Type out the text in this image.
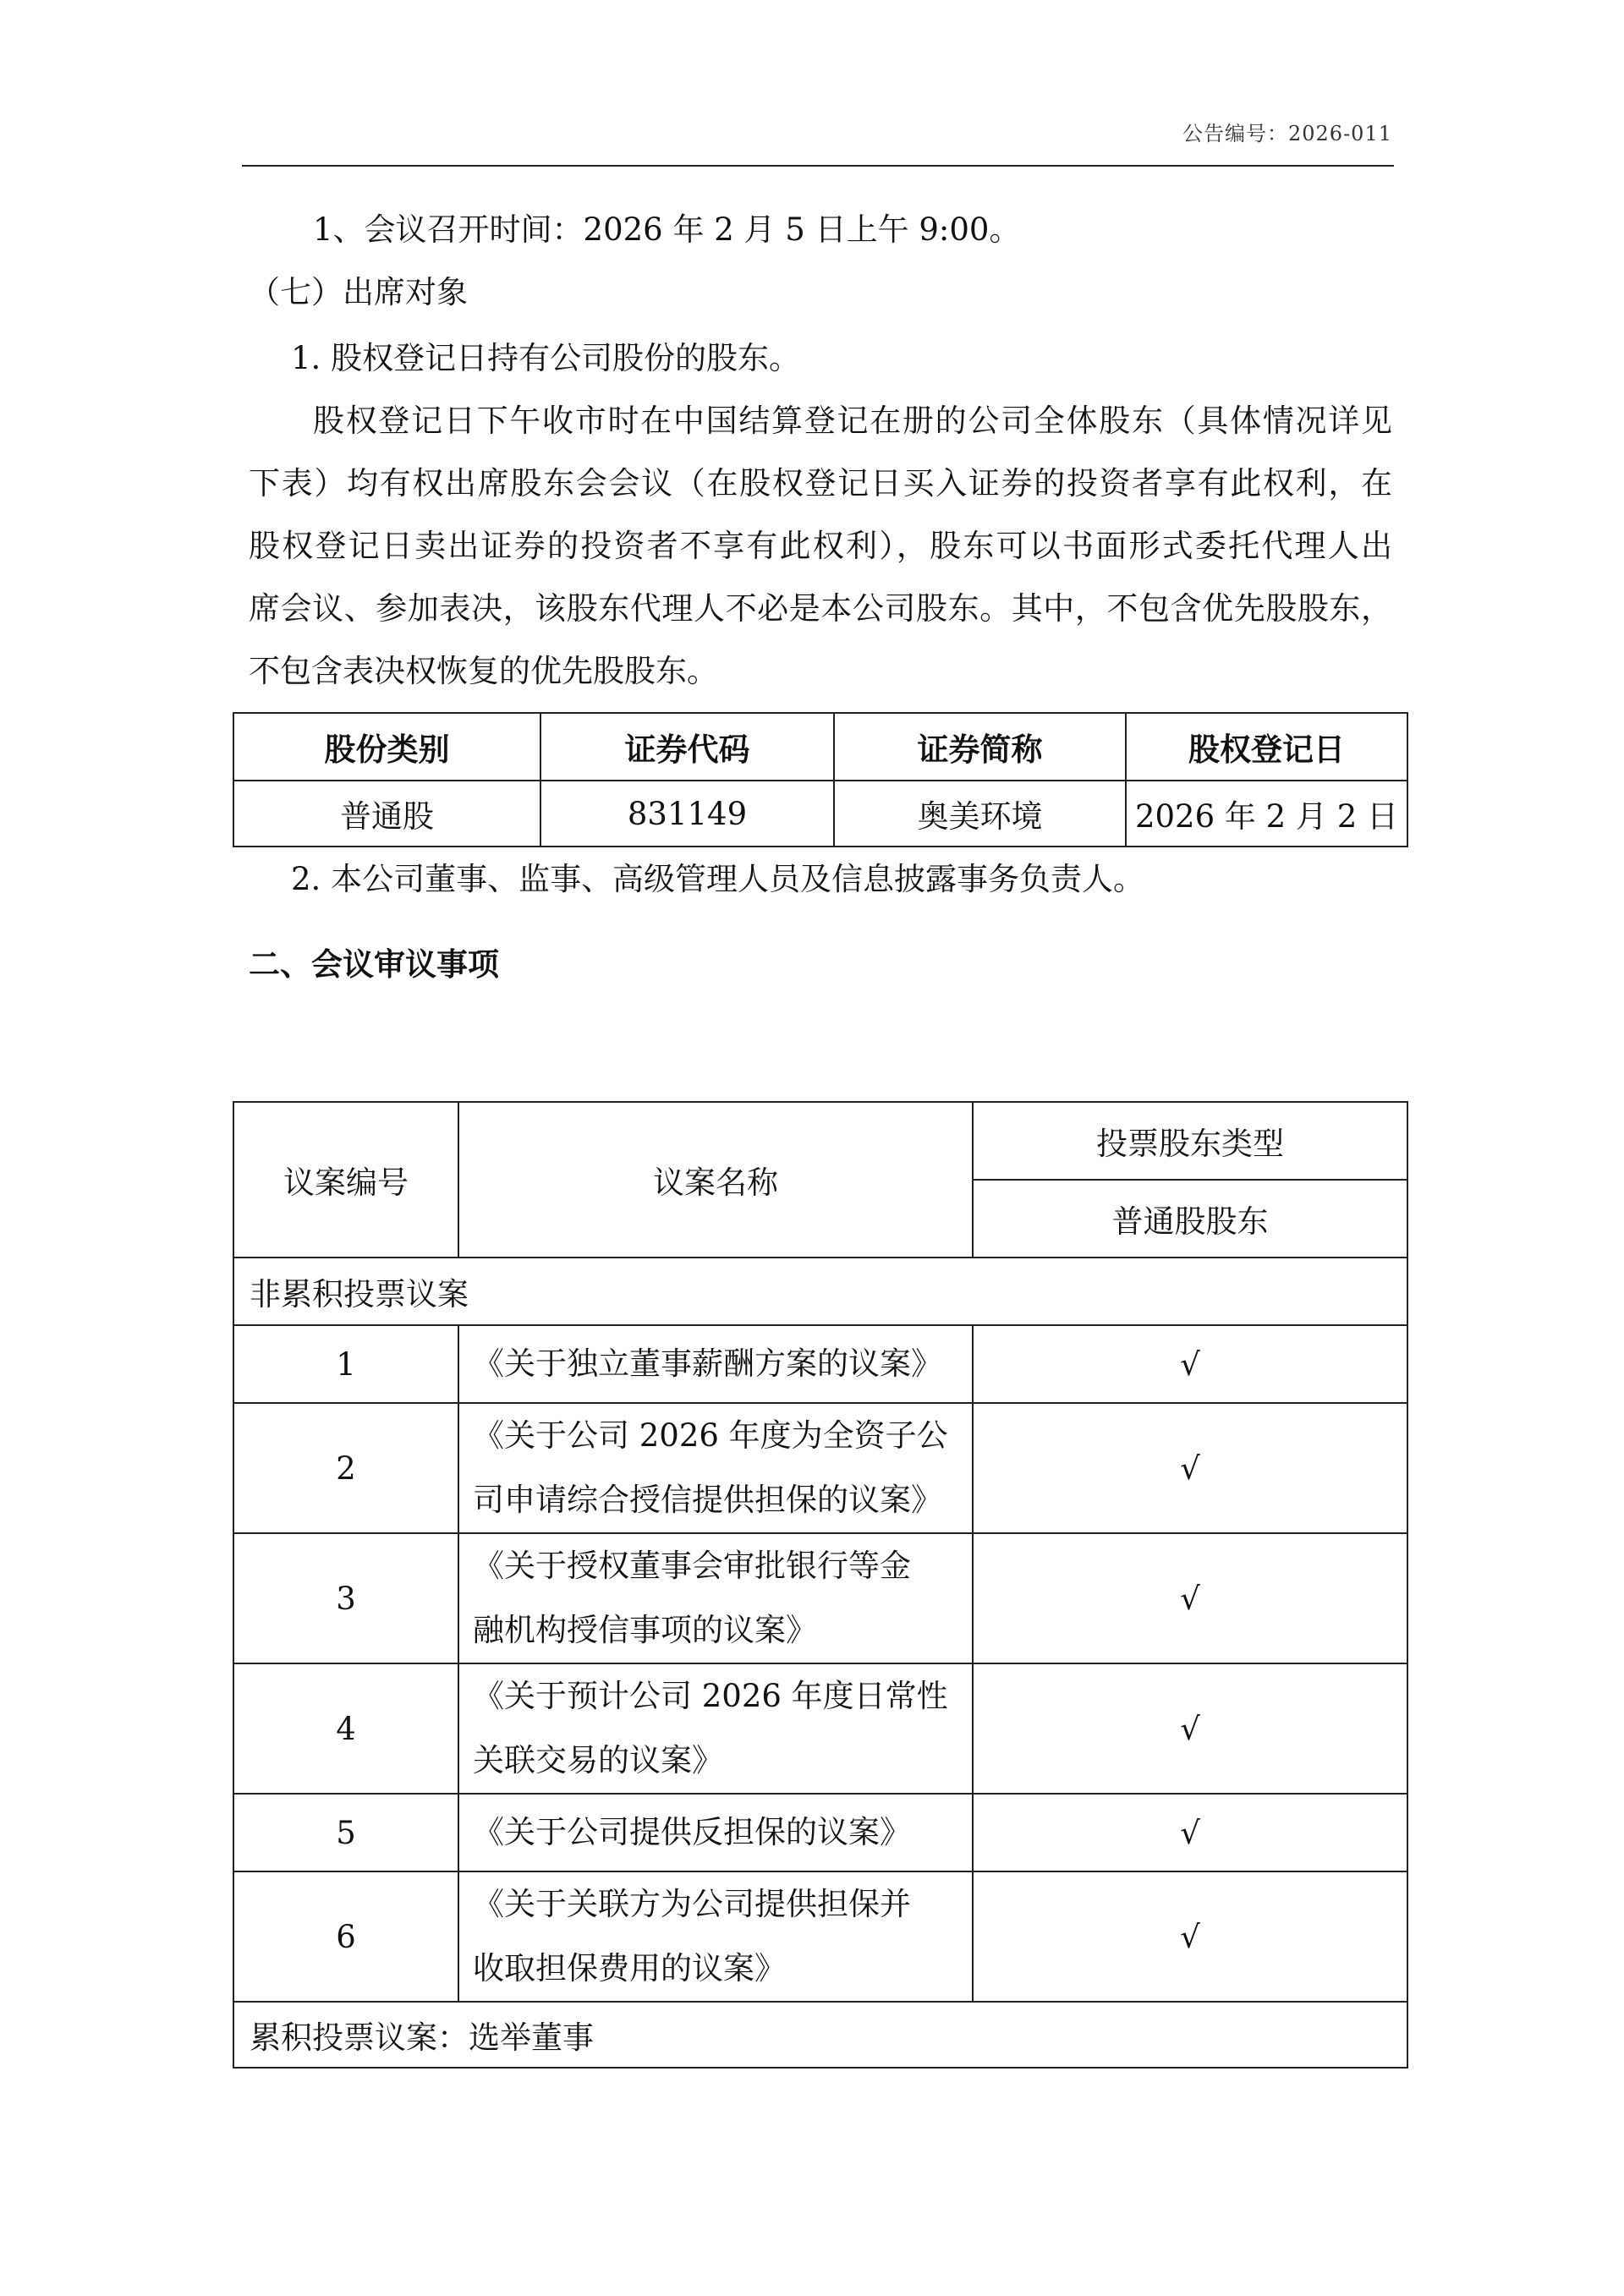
公告编号：2026-011
1、会议召开时间：2026 年 2 月 5 日上午 9:00。
（七）出席对象
1. 股权登记日持有公司股份的股东。
股权登记日下午收市时在中国结算登记在册的公司全体股东（具体情况详见
下表）均有权出席股东会会议（在股权登记日买入证券的投资者享有此权利，在
股权登记日卖出证券的投资者不享有此权利），股东可以书面形式委托代理人出
席会议、参加表决，该股东代理人不必是本公司股东。其中，不包含优先股股东，
不包含表决权恢复的优先股股东。
股份类别	证券代码	证券简称	股权登记日
普通股	831149	奥美环境	2026 年 2 月 2 日
2. 本公司董事、监事、高级管理人员及信息披露事务负责人。
二、会议审议事项
议案编号	议案名称	投票股东类型
		普通股股东
非累积投票议案		
1	《关于独立董事薪酬方案的议案》	√
2	《关于公司 2026 年度为全资子公
司申请综合授信提供担保的议案》	√
3	《关于授权董事会审批银行等金
融机构授信事项的议案》	√
4	《关于预计公司 2026 年度日常性
关联交易的议案》	√
5	《关于公司提供反担保的议案》	√
6	《关于关联方为公司提供担保并
收取担保费用的议案》	√
累积投票议案：选举董事		
